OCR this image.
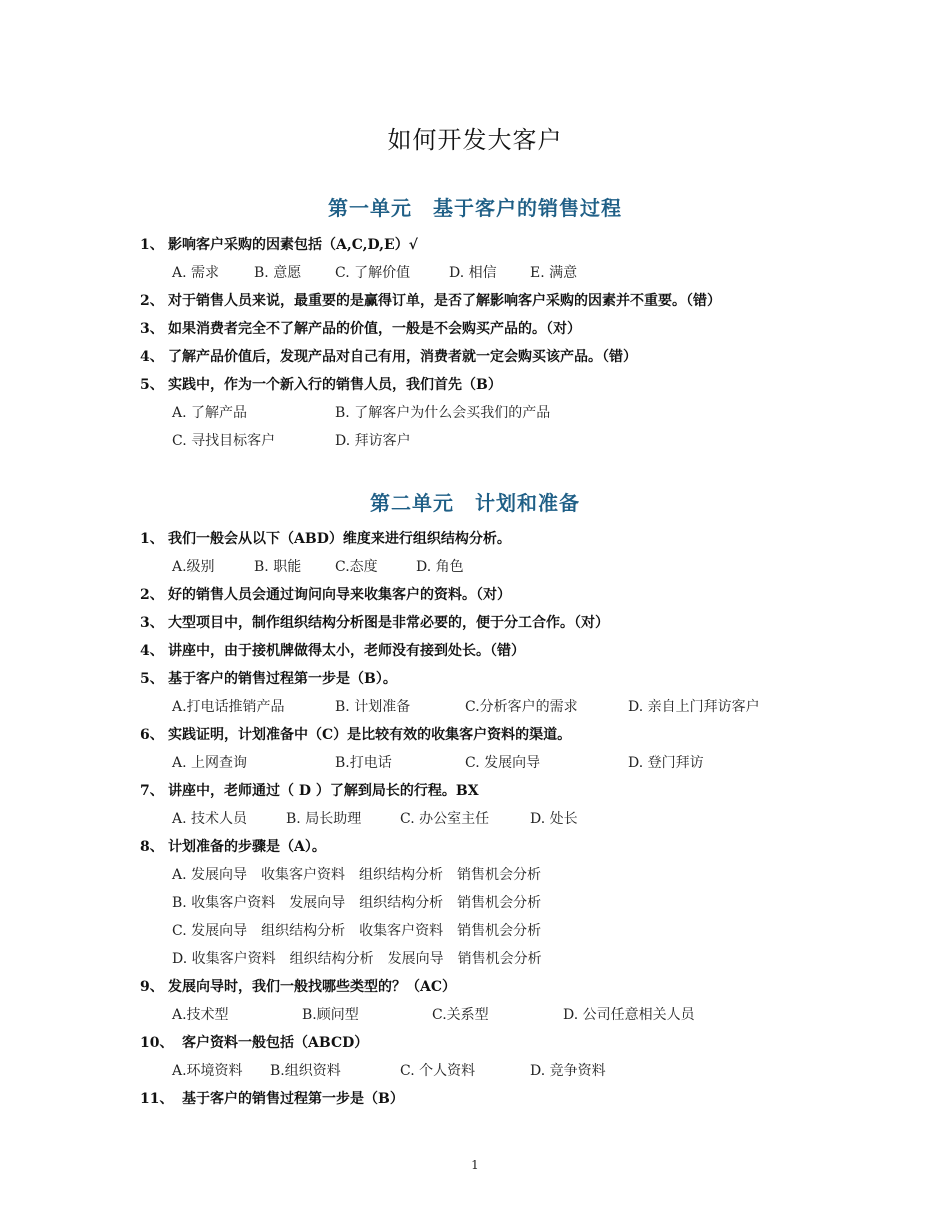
如何开发大客户
第一单元　基于客户的销售过程
1、 影响客户采购的因素包括（A,C,D,E）√
A. 需求 B. 意愿 C. 了解价值	D. 相信 E. 满意
2、 对于销售人员来说，最重要的是赢得订单，是否了解影响客户采购的因素并不重要。（错）
3、 如果消费者完全不了解产品的价值，一般是不会购买产品的。（对）
4、 了解产品价值后，发现产品对自己有用，消费者就一定会购买该产品。（错）
5、 实践中，作为一个新入行的销售人员，我们首先（B）
A. 了解产品	B. 了解客户为什么会买我们的产品
C. 寻找目标客户	D. 拜访客户
第二单元　计划和准备
1、 我们一般会从以下（ABD）维度来进行组织结构分析。
A.级别	B. 职能 C.态度	D. 角色
2、 好的销售人员会通过询问向导来收集客户的资料。（对）
3、 大型项目中，制作组织结构分析图是非常必要的，便于分工合作。（对）
4、 讲座中，由于接机牌做得太小，老师没有接到处长。（错）
5、 基于客户的销售过程第一步是（B）。
A.打电话推销产品	B. 计划准备	C.分析客户的需求	D. 亲自上门拜访客户
6、 实践证明，计划准备中（C）是比较有效的收集客户资料的渠道。
A. 上网查询	B.打电话	C. 发展向导	D. 登门拜访
7、 讲座中，老师通过（ D ）了解到局长的行程。BX
A. 技术人员	B. 局长助理	C. 办公室主任	D. 处长
8、 计划准备的步骤是（A）。
A. 发展向导　收集客户资料　组织结构分析　销售机会分析
B. 收集客户资料　发展向导　组织结构分析　销售机会分析
C. 发展向导　组织结构分析　收集客户资料　销售机会分析
D. 收集客户资料　组织结构分析　发展向导　销售机会分析
9、 发展向导时，我们一般找哪些类型的？（AC）
A.技术型	B.顾问型	C.关系型	D. 公司任意相关人员
10、 客户资料一般包括（ABCD）
A.环境资料 B.组织资料	C. 个人资料	D. 竞争资料
11、 基于客户的销售过程第一步是（B）
1
